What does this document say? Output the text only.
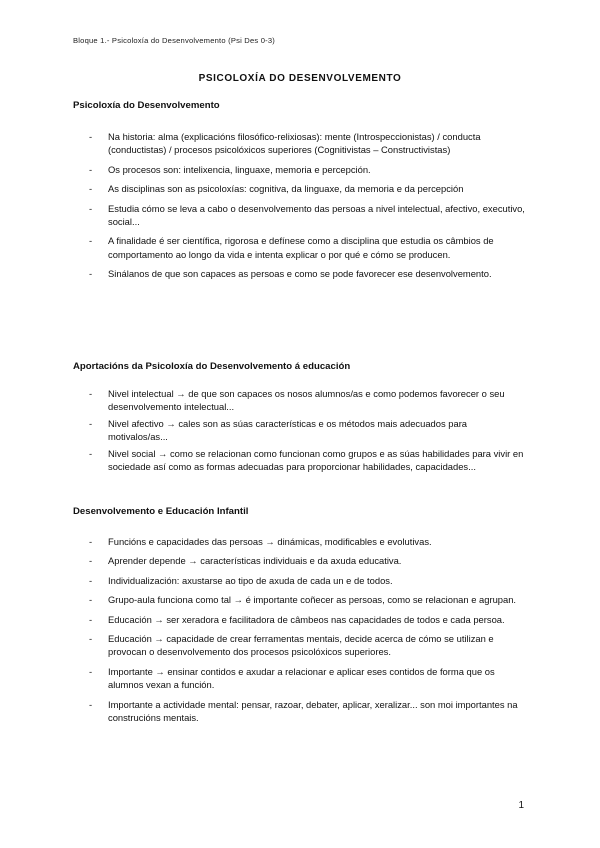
Bloque 1.- Psicoloxía do Desenvolvemento (Psi Des 0-3)
PSICOLOXÍA DO DESENVOLVEMENTO
Psicoloxía do Desenvolvemento
- Na historia: alma (explicacións filosófico-relixiosas): mente (Introspeccionistas) / conducta (conductistas) / procesos psicolóxicos superiores (Cognitivistas – Constructivistas)
- Os procesos son: intelixencia, linguaxe, memoria e percepción.
- As disciplinas son as psicoloxías: cognitiva, da linguaxe, da memoria e da percepción
- Estudia cómo se leva a cabo o desenvolvemento das persoas a nivel intelectual, afectivo, executivo, social...
- A finalidade é ser científica, rigorosa e defínese como a disciplina que estudia os câmbios de comportamento ao longo da vida e intenta explicar o por qué e cómo se producen.
- Sinálanos de que son capaces as persoas e como se pode favorecer ese desenvolvemento.
Aportacións da Psicoloxía do Desenvolvemento á educación
- Nivel intelectual → de que son capaces os nosos alumnos/as e como podemos favorecer o seu desenvolvemento intelectual...
- Nivel afectivo → cales son as súas características e os métodos mais adecuados para motivalos/as...
- Nivel social → como se relacionan como funcionan como grupos e as súas habilidades para vivir en sociedade así como as formas adecuadas para proporcionar habilidades, capacidades...
Desenvolvemento e Educación Infantil
- Funcións e capacidades das persoas → dinámicas, modificables e evolutivas.
- Aprender depende → características individuais e da axuda educativa.
- Individualización: axustarse ao tipo de axuda de cada un e de todos.
- Grupo-aula funciona como tal → é importante coñecer as persoas, como se relacionan e agrupan.
- Educación → ser xeradora e facilitadora de câmbeos nas capacidades de todos e cada persoa.
- Educación → capacidade de crear ferramentas mentais, decide acerca de cómo se utilizan e provocan o desenvolvemento dos procesos psicolóxicos superiores.
- Importante → ensinar contidos e axudar a relacionar e aplicar eses contidos de forma que os alumnos vexan a función.
- Importante a actividade mental: pensar, razoar, debater, aplicar, xeralizar... son moi importantes na construcións mentais.
1
